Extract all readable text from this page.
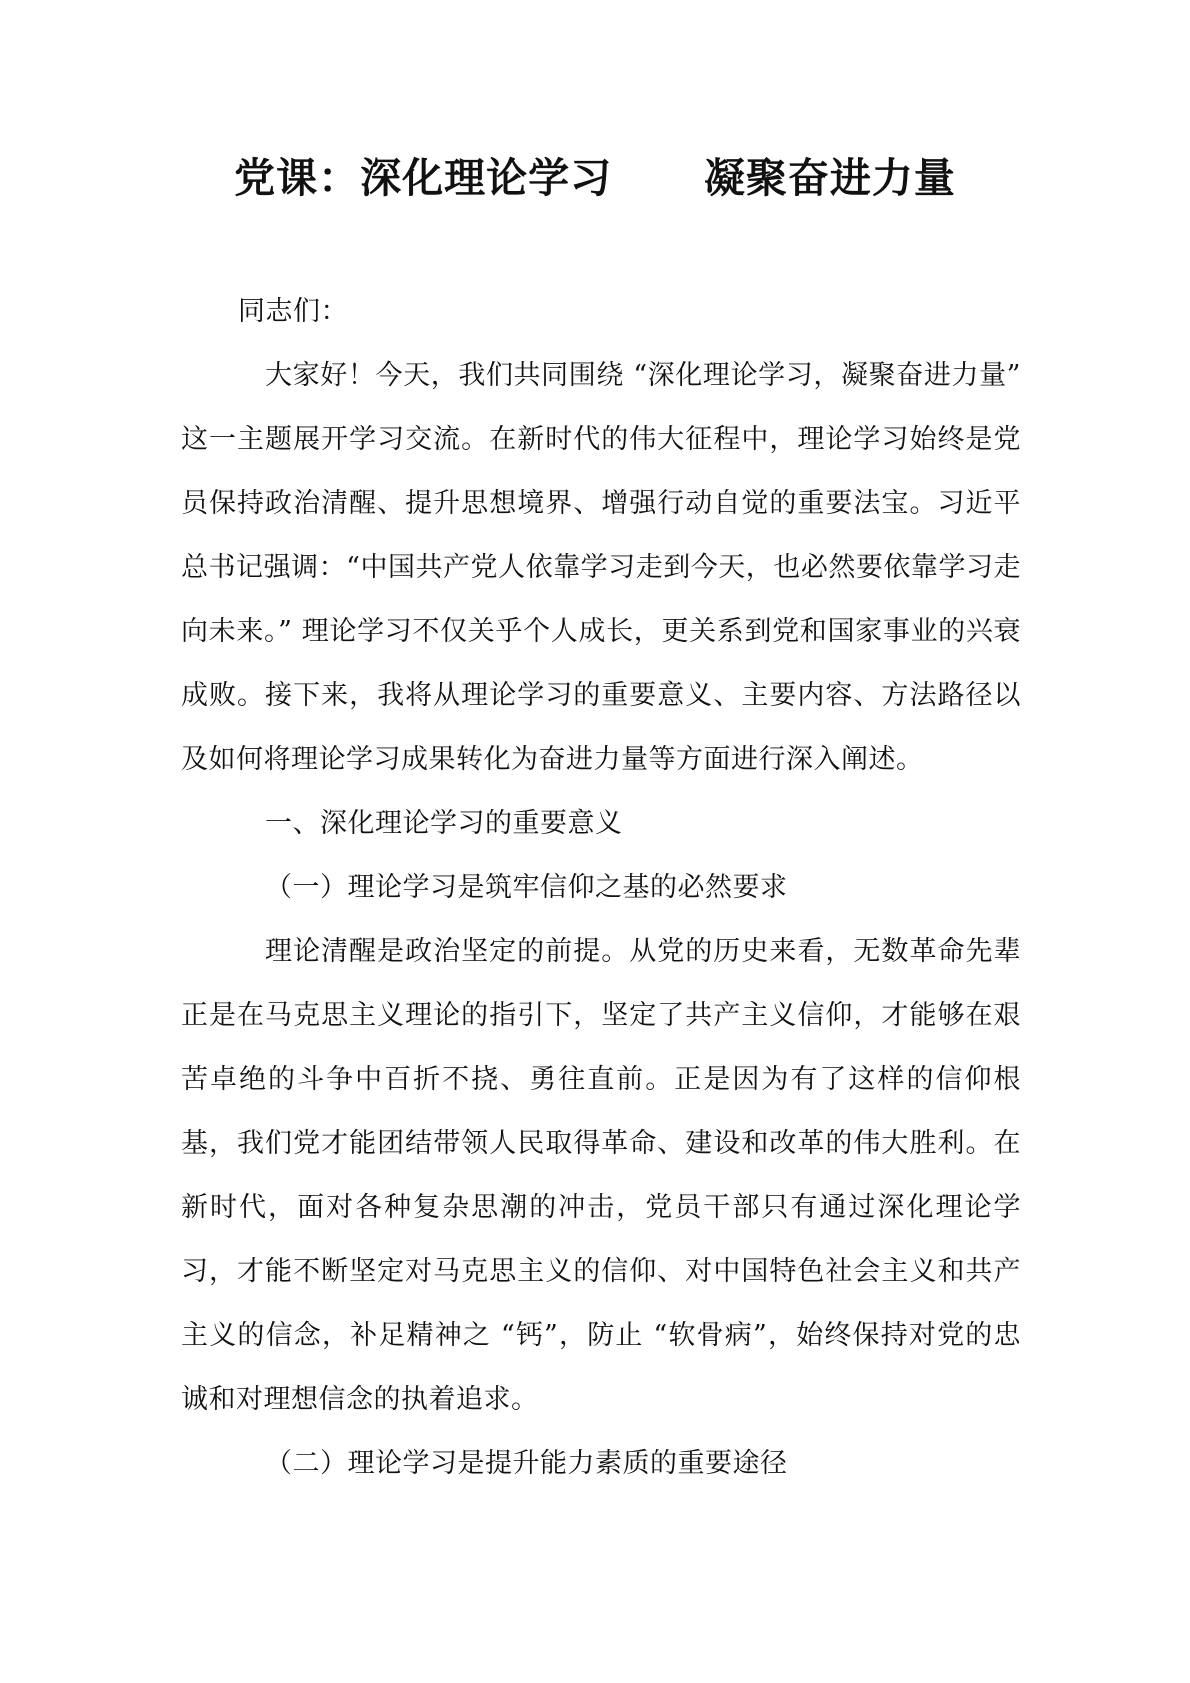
党课：深化理论学习      凝聚奋进力量

同志们：

大家好！今天，我们共同围绕 “深化理论学习，凝聚奋进力量” 这一主题展开学习交流。在新时代的伟大征程中，理论学习始终是党员保持政治清醒、提升思想境界、增强行动自觉的重要法宝。习近平总书记强调：“中国共产党人依靠学习走到今天，也必然要依靠学习走向未来。” 理论学习不仅关乎个人成长，更关系到党和国家事业的兴衰成败。接下来，我将从理论学习的重要意义、主要内容、方法路径以及如何将理论学习成果转化为奋进力量等方面进行深入阐述。

一、深化理论学习的重要意义

（一）理论学习是筑牢信仰之基的必然要求

理论清醒是政治坚定的前提。从党的历史来看，无数革命先辈正是在马克思主义理论的指引下，坚定了共产主义信仰，才能够在艰苦卓绝的斗争中百折不挠、勇往直前。正是因为有了这样的信仰根基，我们党才能团结带领人民取得革命、建设和改革的伟大胜利。在新时代，面对各种复杂思潮的冲击，党员干部只有通过深化理论学习，才能不断坚定对马克思主义的信仰、对中国特色社会主义和共产主义的信念，补足精神之 “钙”，防止 “软骨病”，始终保持对党的忠诚和对理想信念的执着追求。

（二）理论学习是提升能力素质的重要途径
